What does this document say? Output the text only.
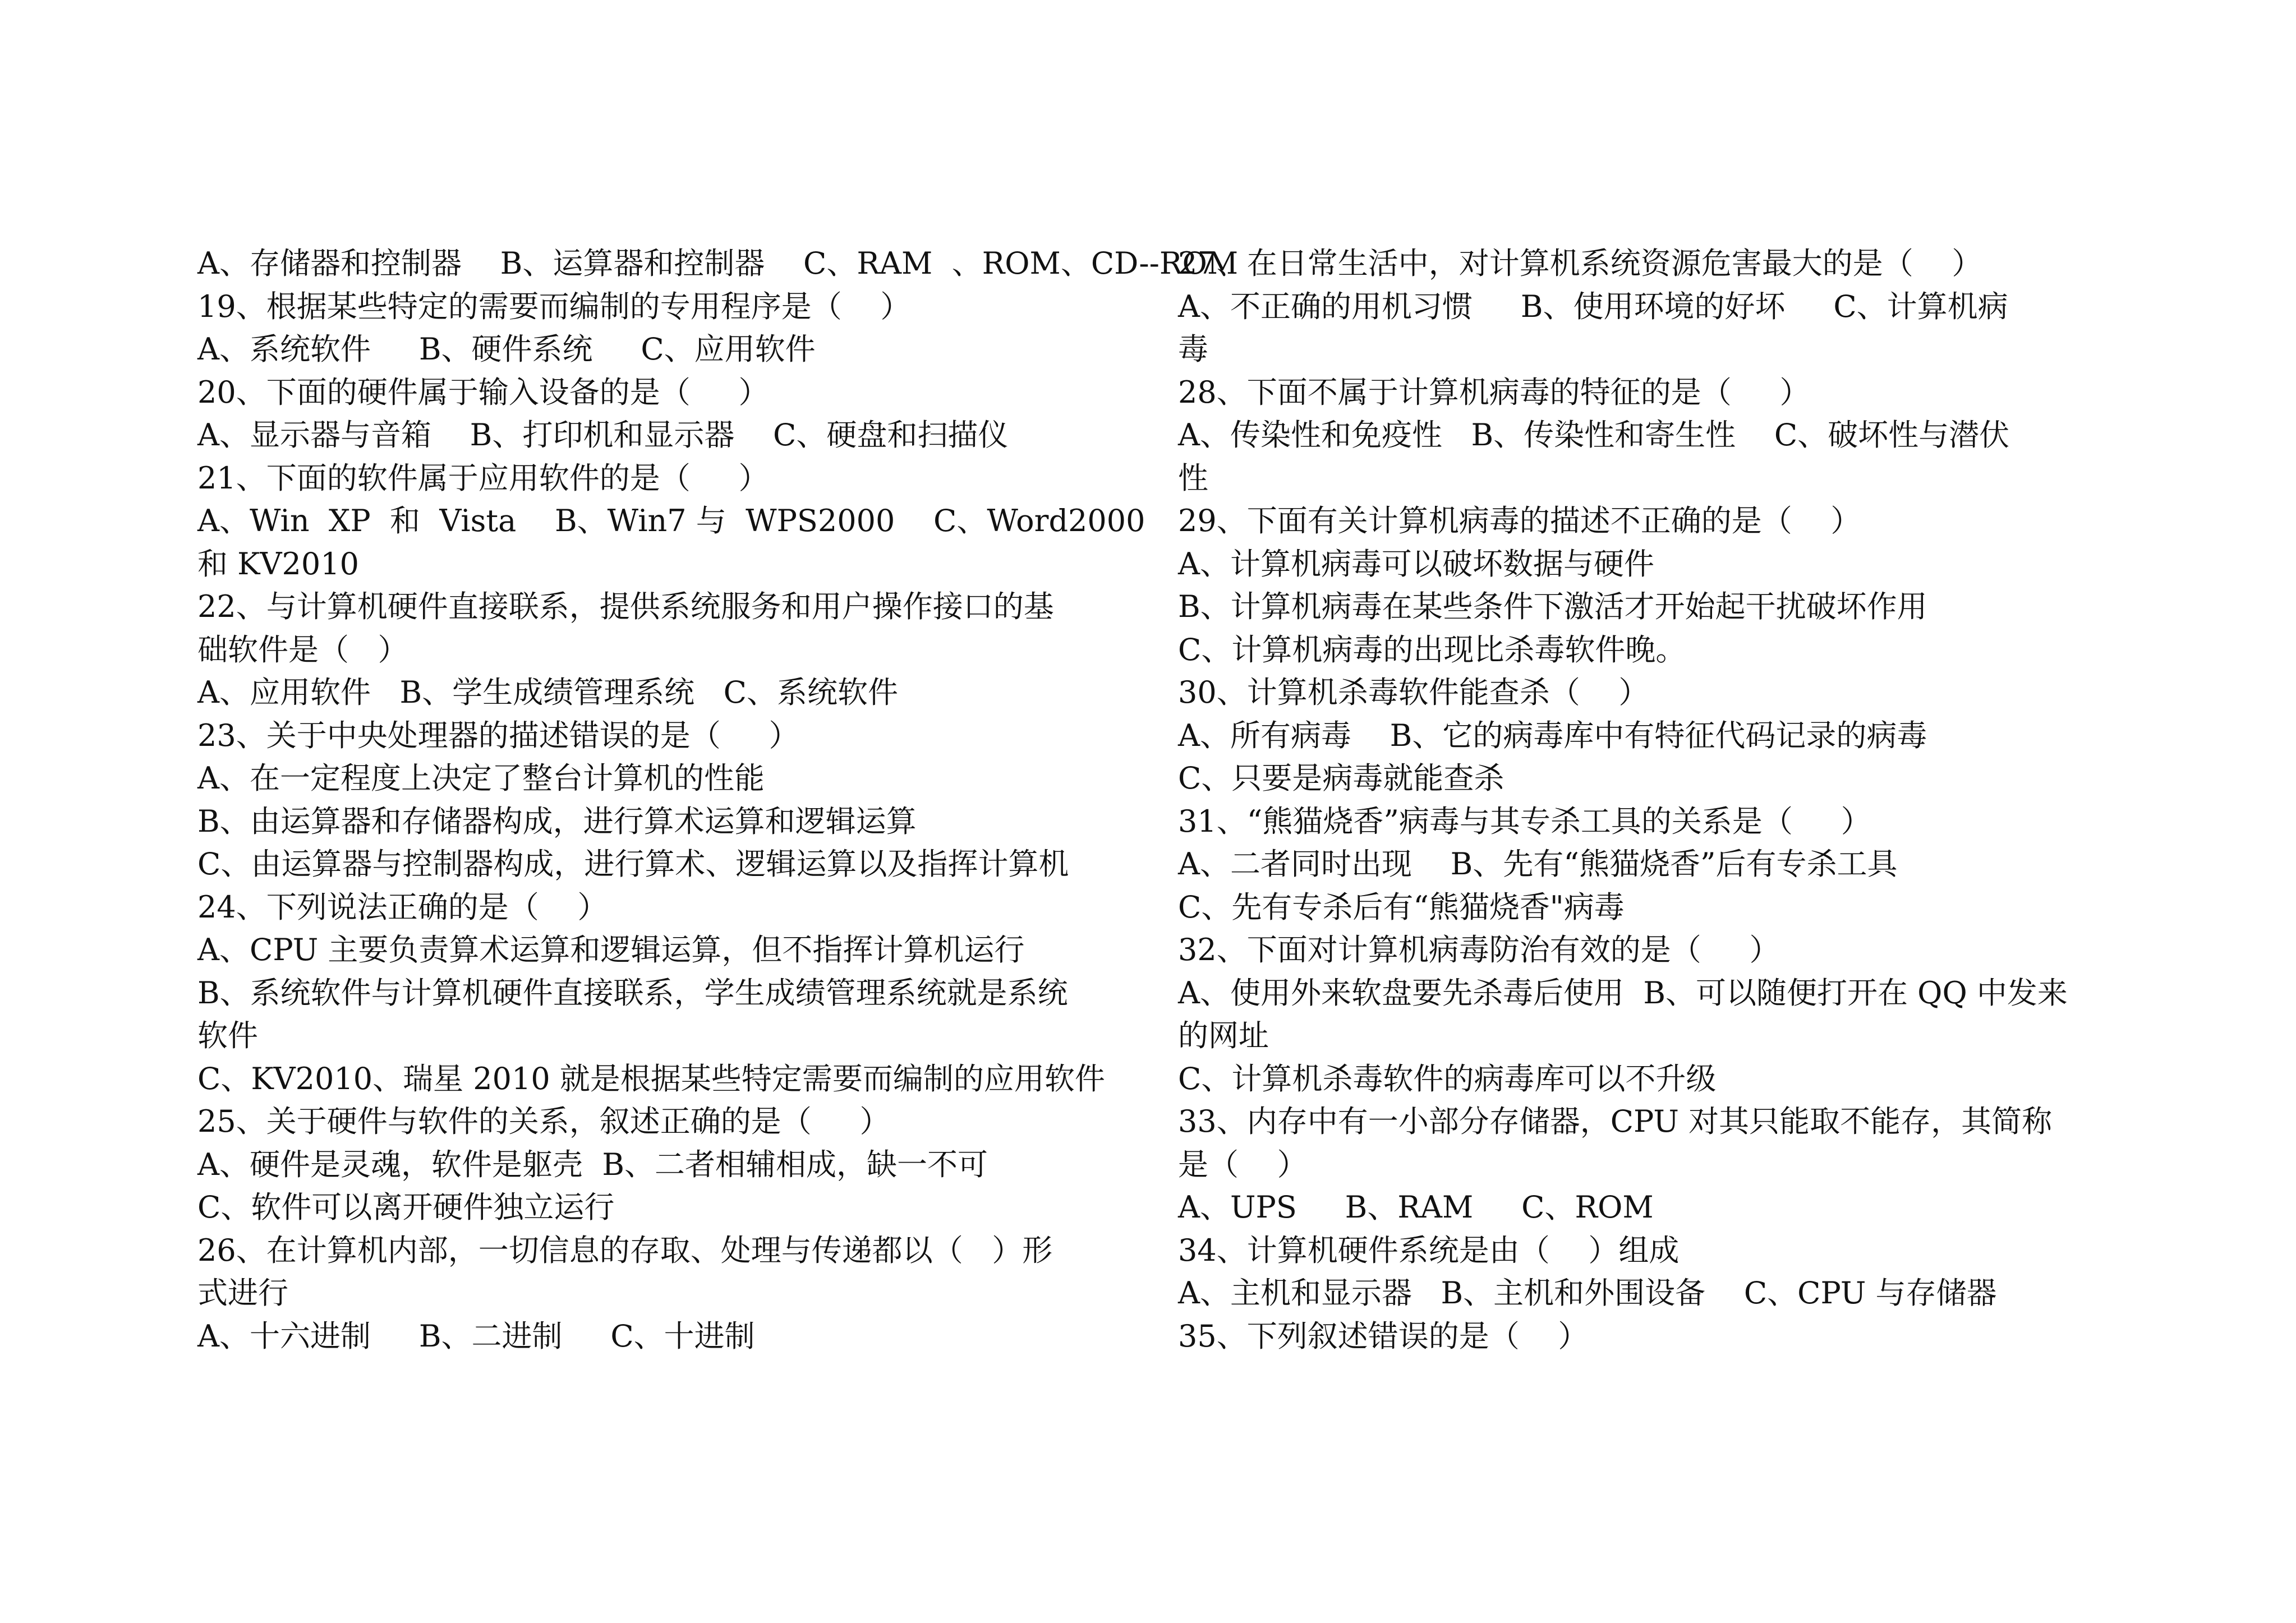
A、存储器和控制器    B、运算器和控制器    C、RAM  、ROM、CD--ROM
19、根据某些特定的需要而编制的专用程序是（    ）
A、系统软件     B、硬件系统     C、应用软件
20、下面的硬件属于输入设备的是（     ）
A、显示器与音箱    B、打印机和显示器    C、硬盘和扫描仪
21、下面的软件属于应用软件的是（     ）
A、Win  XP  和  Vista    B、Win7 与  WPS2000    C、Word2000
和 KV2010
22、与计算机硬件直接联系，提供系统服务和用户操作接口的基
础软件是（   ）
A、应用软件   B、学生成绩管理系统   C、系统软件
23、关于中央处理器的描述错误的是（     ）
A、在一定程度上决定了整台计算机的性能
B、由运算器和存储器构成，进行算术运算和逻辑运算
C、由运算器与控制器构成，进行算术、逻辑运算以及指挥计算机
24、下列说法正确的是（    ）
A、CPU 主要负责算术运算和逻辑运算，但不指挥计算机运行
B、系统软件与计算机硬件直接联系，学生成绩管理系统就是系统
软件
C、KV2010、瑞星 2010 就是根据某些特定需要而编制的应用软件
25、关于硬件与软件的关系，叙述正确的是（     ）
A、硬件是灵魂，软件是躯壳  B、二者相辅相成，缺一不可
C、软件可以离开硬件独立运行
26、在计算机内部，一切信息的存取、处理与传递都以（   ）形
式进行
A、十六进制     B、二进制     C、十进制
27、在日常生活中，对计算机系统资源危害最大的是（    ）
A、不正确的用机习惯     B、使用环境的好坏     C、计算机病
毒
28、下面不属于计算机病毒的特征的是（     ）
A、传染性和免疫性   B、传染性和寄生性    C、破坏性与潜伏
性
29、下面有关计算机病毒的描述不正确的是（    ）
A、计算机病毒可以破坏数据与硬件
B、计算机病毒在某些条件下激活才开始起干扰破坏作用
C、计算机病毒的出现比杀毒软件晚。
30、计算机杀毒软件能查杀（    ）
A、所有病毒    B、它的病毒库中有特征代码记录的病毒
C、只要是病毒就能查杀
31、“熊猫烧香”病毒与其专杀工具的关系是（     ）
A、二者同时出现    B、先有“熊猫烧香”后有专杀工具
C、先有专杀后有“熊猫烧香"病毒
32、下面对计算机病毒防治有效的是（     ）
A、使用外来软盘要先杀毒后使用  B、可以随便打开在 QQ 中发来
的网址
C、计算机杀毒软件的病毒库可以不升级
33、内存中有一小部分存储器，CPU 对其只能取不能存，其简称
是（    ）
A、UPS     B、RAM     C、ROM
34、计算机硬件系统是由（    ）组成
A、主机和显示器   B、主机和外围设备    C、CPU 与存储器
35、下列叙述错误的是（    ）
